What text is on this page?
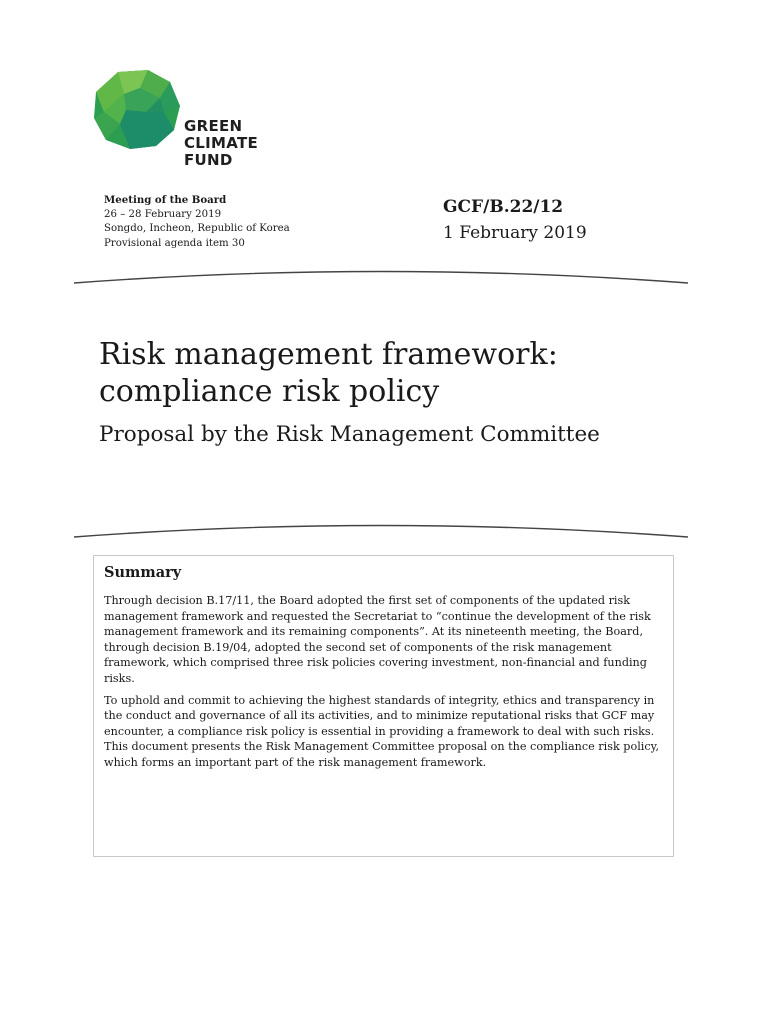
GREEN
CLIMATE
FUND
Meeting of the Board
26 – 28 February 2019
Songdo, Incheon, Republic of Korea
Provisional agenda item 30
GCF/B.22/12
1 February 2019
Risk management framework:
compliance risk policy
Proposal by the Risk Management Committee
Summary

Through decision B.17/11, the Board adopted the first set of components of the updated risk management framework and requested the Secretariat to “continue the development of the risk management framework and its remaining components”. At its nineteenth meeting, the Board, through decision B.19/04, adopted the second set of components of the risk management framework, which comprised three risk policies covering investment, non-financial and funding risks.

To uphold and commit to achieving the highest standards of integrity, ethics and transparency in the conduct and governance of all its activities, and to minimize reputational risks that GCF may encounter, a compliance risk policy is essential in providing a framework to deal with such risks. This document presents the Risk Management Committee proposal on the compliance risk policy, which forms an important part of the risk management framework.
